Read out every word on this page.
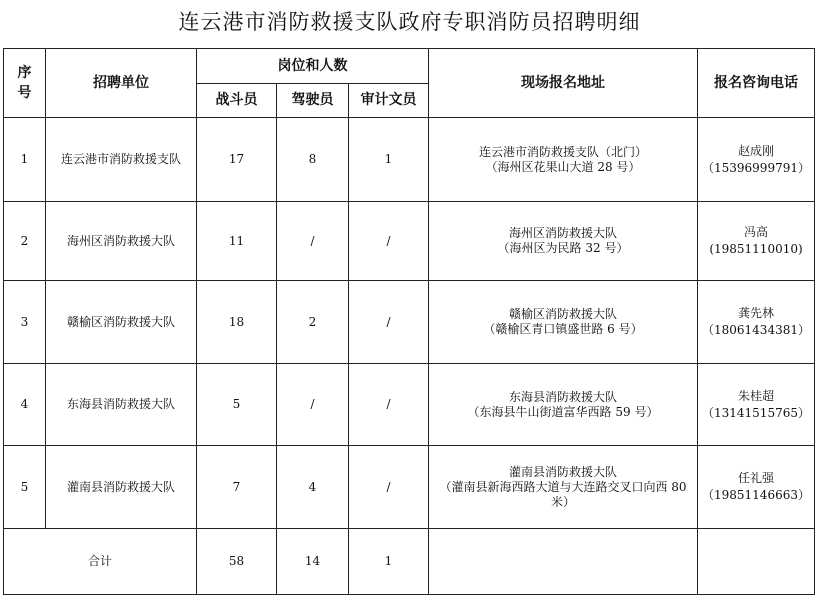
连云港市消防救援支队政府专职消防员招聘明细
序号	招聘单位	岗位和人数			现场报名地址	报名咨询电话
		战斗员	驾驶员	审计文员		
1	连云港市消防救援支队	17	8	1	连云港市消防救援支队（北门）
（海州区花果山大道 28 号）	赵成刚
（15396999791）

2	海州区消防救援大队	11	/	/	海州区消防救援大队
（海州区为民路 32 号）	冯高
(19851110010)

3	赣榆区消防救援大队	18	2	/	赣榆区消防救援大队
（赣榆区青口镇盛世路 6 号）	龚先林
（18061434381）

4	东海县消防救援大队	5	/	/	东海县消防救援大队
（东海县牛山街道富华西路 59 号）	朱桂超
（13141515765）

5	灌南县消防救援大队	7	4	/	灌南县消防救援大队
（灌南县新海西路大道与大连路交叉口向西 80 米）	任礼强
（19851146663）

合计		58	14	1		
